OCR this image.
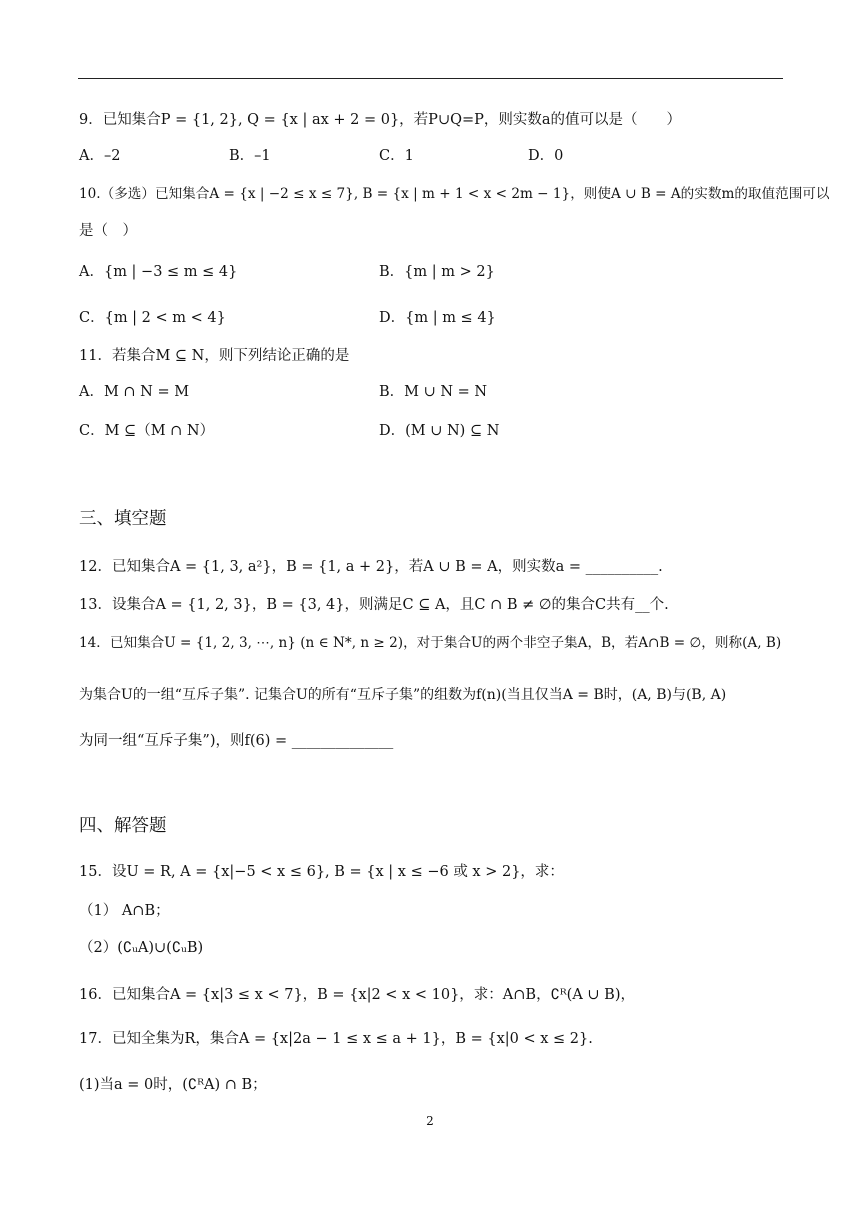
9．已知集合P = {1, 2}, Q = {x | ax + 2 = 0}，若P∪Q=P，则实数a的值可以是（　　）
A．–2	B．–1	C．1	D．0
10.（多选）已知集合A = {x | −2 ≤ x ≤ 7}, B = {x | m + 1 < x < 2m − 1}，则使A ∪ B = A的实数m的取值范围可以
是（　）
A．{m | −3 ≤ m ≤ 4}	B．{m | m > 2}
C．{m | 2 < m < 4}	D．{m | m ≤ 4}
11．若集合M ⊆ N，则下列结论正确的是
A．M ∩ N = M	B．M ∪ N = N
C．M ⊆（M ∩ N）	D．(M ∪ N) ⊆ N
三、填空题
12．已知集合A = {1, 3, a²}，B = {1, a + 2}，若A ∪ B = A，则实数a = __________.
13．设集合A = {1, 2, 3}，B = {3, 4}，则满足C ⊆ A，且C ∩ B ≠ ∅的集合C共有__个.
14．已知集合U = {1, 2, 3, ⋯, n} (n ∈ N*, n ≥ 2)，对于集合U的两个非空子集A，B，若A∩B = ∅，则称(A, B)
为集合U的一组“互斥子集”. 记集合U的所有“互斥子集”的组数为f(n)(当且仅当A = B时，(A, B)与(B, A)
为同一组“互斥子集”)，则f(6) = ______________
四、解答题
15．设U = R, A = {x|−5 < x ≤ 6}, B = {x | x ≤ −6 或 x > 2}，求：
（1） A∩B；
（2）(∁ᵤA)∪(∁ᵤB)
16．已知集合A = {x|3 ≤ x < 7}，B = {x|2 < x < 10}，求：A∩B，∁ᴿ(A ∪ B)，
17．已知全集为R，集合A = {x|2a − 1 ≤ x ≤ a + 1}，B = {x|0 < x ≤ 2}.
(1)当a = 0时，(∁ᴿA) ∩ B；
2
